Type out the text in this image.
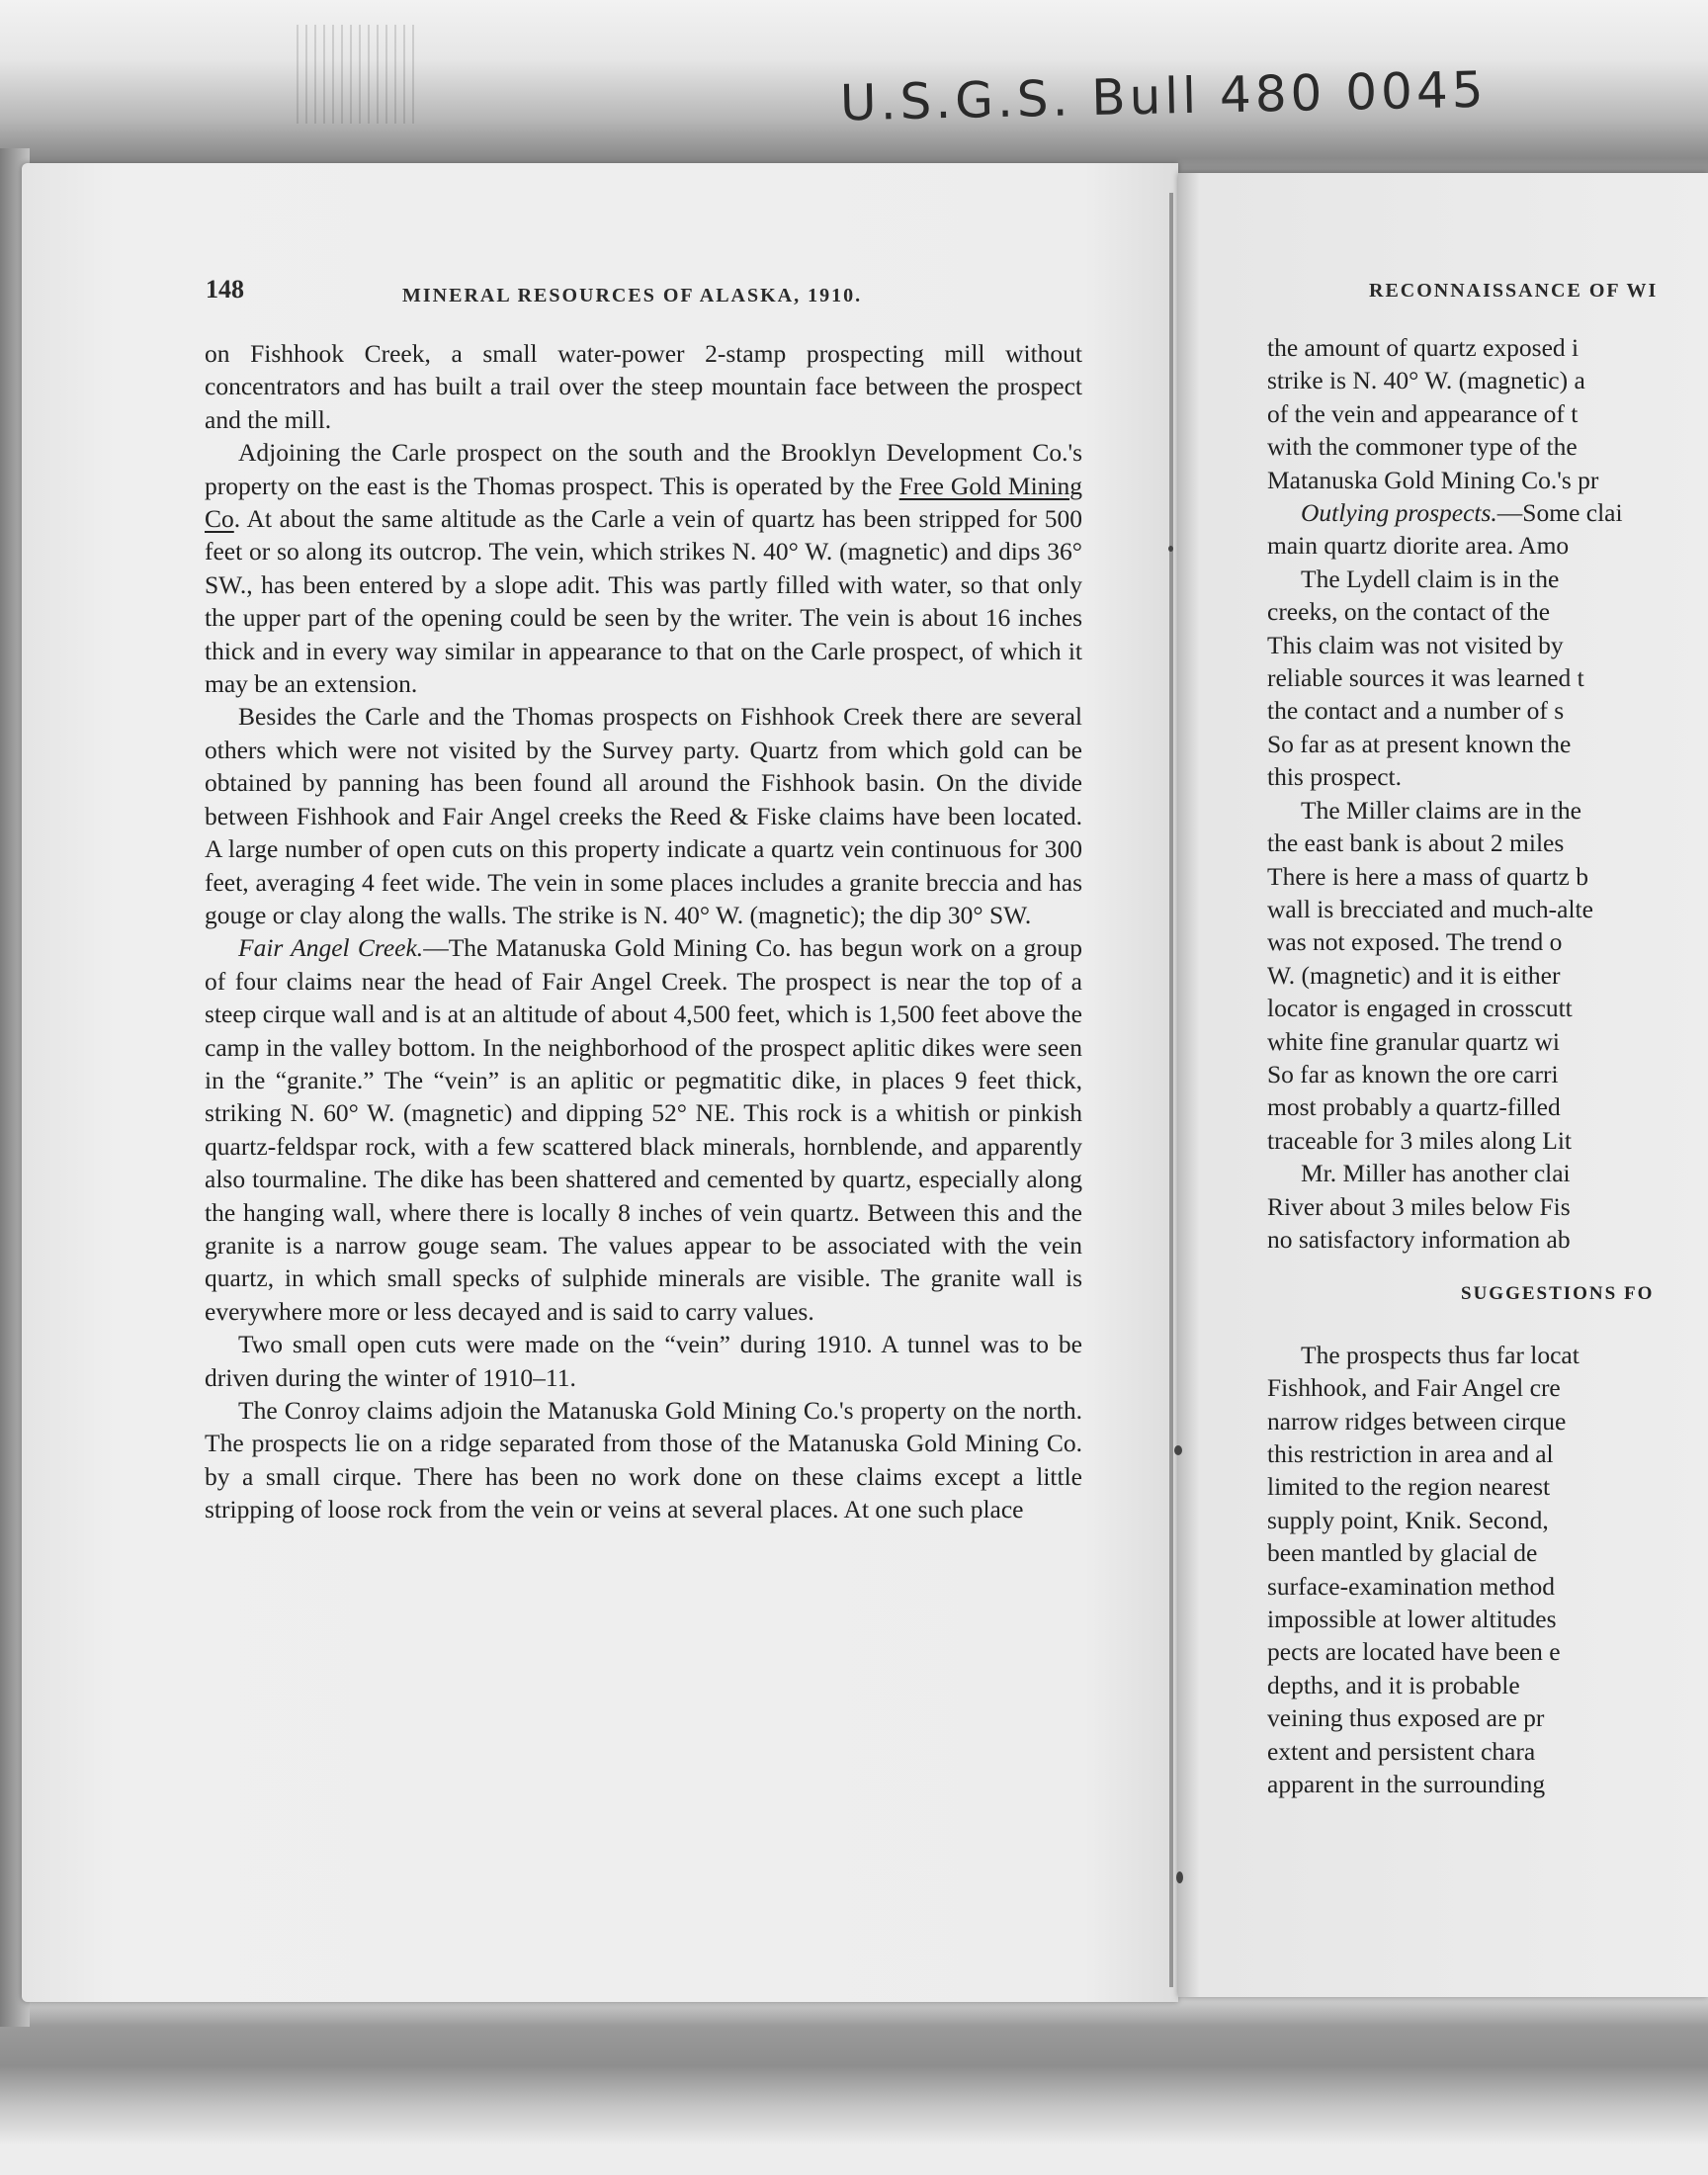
U.S.G.S. Bull 480 0045
148	MINERAL RESOURCES OF ALASKA, 1910.	RECONNAISSANCE OF WI

on Fishhook Creek, a small water-power 2-stamp prospecting mill without concentrators and has built a trail over the steep mountain face between the prospect and the mill.

Adjoining the Carle prospect on the south and the Brooklyn Development Co.'s property on the east is the Thomas prospect. This is operated by the Free Gold Mining Co. At about the same altitude as the Carle a vein of quartz has been stripped for 500 feet or so along its outcrop. The vein, which strikes N. 40° W. (magnetic) and dips 36° SW., has been entered by a slope adit. This was partly filled with water, so that only the upper part of the opening could be seen by the writer. The vein is about 16 inches thick and in every way similar in appearance to that on the Carle prospect, of which it may be an extension.

Besides the Carle and the Thomas prospects on Fishhook Creek there are several others which were not visited by the Survey party. Quartz from which gold can be obtained by panning has been found all around the Fishhook basin. On the divide between Fishhook and Fair Angel creeks the Reed & Fiske claims have been located. A large number of open cuts on this property indicate a quartz vein continuous for 300 feet, averaging 4 feet wide. The vein in some places includes a granite breccia and has gouge or clay along the walls. The strike is N. 40° W. (magnetic); the dip 30° SW.

Fair Angel Creek.—The Matanuska Gold Mining Co. has begun work on a group of four claims near the head of Fair Angel Creek. The prospect is near the top of a steep cirque wall and is at an altitude of about 4,500 feet, which is 1,500 feet above the camp in the valley bottom. In the neighborhood of the prospect aplitic dikes were seen in the “granite.” The “vein” is an aplitic or pegmatitic dike, in places 9 feet thick, striking N. 60° W. (magnetic) and dipping 52° NE. This rock is a whitish or pinkish quartz-feldspar rock, with a few scattered black minerals, hornblende, and apparently also tourmaline. The dike has been shattered and cemented by quartz, especially along the hanging wall, where there is locally 8 inches of vein quartz. Between this and the granite is a narrow gouge seam. The values appear to be associated with the vein quartz, in which small specks of sulphide minerals are visible. The granite wall is everywhere more or less decayed and is said to carry values.

Two small open cuts were made on the “vein” during 1910. A tunnel was to be driven during the winter of 1910–11.

The Conroy claims adjoin the Matanuska Gold Mining Co.'s property on the north. The prospects lie on a ridge separated from those of the Matanuska Gold Mining Co. by a small cirque. There has been no work done on these claims except a little stripping of loose rock from the vein or veins at several places. At one such place

the amount of quartz exposed i

strike is N. 40° W. (magnetic) a

of the vein and appearance of t

with the commoner type of the

Matanuska Gold Mining Co.'s pr

Outlying prospects.—Some clai

main quartz diorite area. Amo

The Lydell claim is in the

creeks, on the contact of the

This claim was not visited by

reliable sources it was learned t

the contact and a number of s

So far as at present known the

this prospect.

The Miller claims are in the

the east bank is about 2 miles

There is here a mass of quartz b

wall is brecciated and much-alte

was not exposed. The trend o

W. (magnetic) and it is either

locator is engaged in crosscutt

white fine granular quartz wi

So far as known the ore carri

most probably a quartz-filled

traceable for 3 miles along Lit

Mr. Miller has another clai

River about 3 miles below Fis

no satisfactory information ab

SUGGESTIONS FO

The prospects thus far locat

Fishhook, and Fair Angel cre

narrow ridges between cirque

this restriction in area and al

limited to the region nearest

supply point, Knik. Second,

been mantled by glacial de

surface-examination method

impossible at lower altitudes

pects are located have been e

depths, and it is probable

veining thus exposed are pr

extent and persistent chara

apparent in the surrounding
